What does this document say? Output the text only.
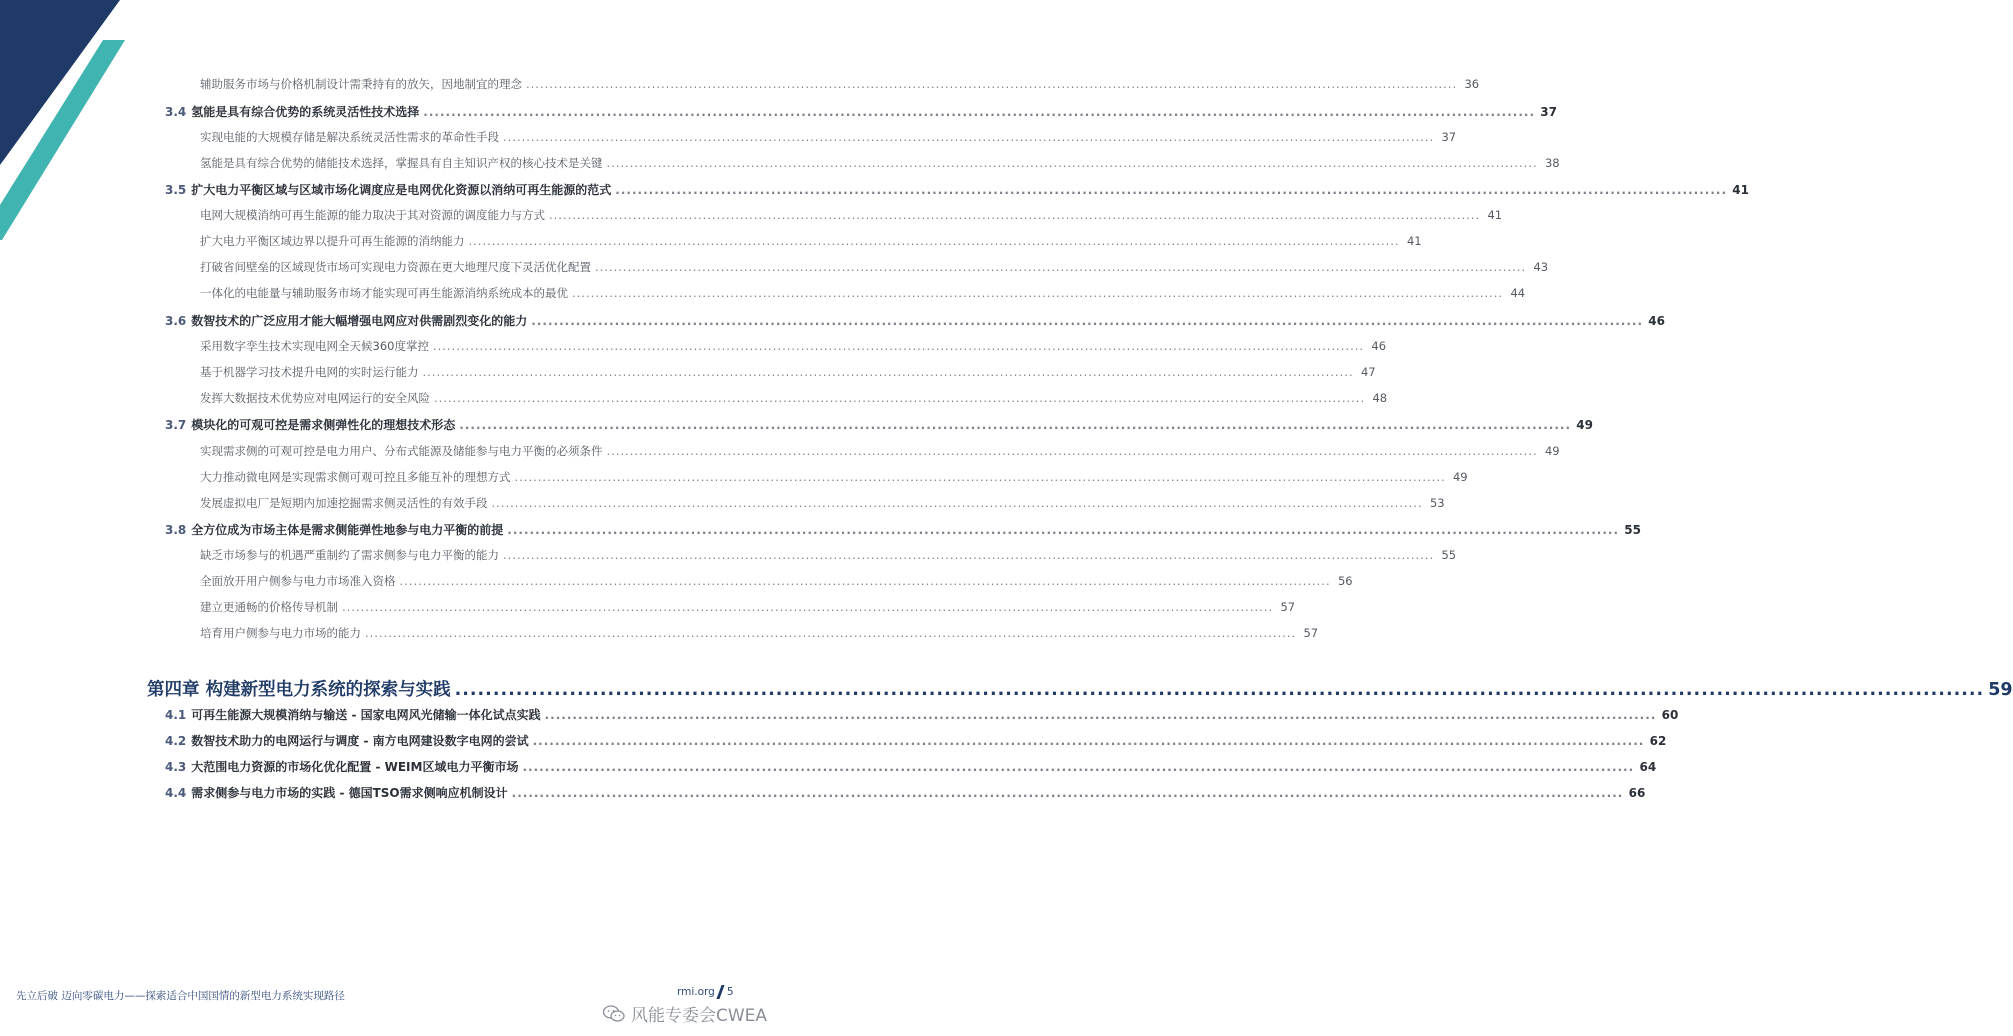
辅助服务市场与价格机制设计需秉持有的放矢，因地制宜的理念 ........................................................................................................................................................................................................ 36
3.4 氢能是具有综合优势的系统灵活性技术选择 ........................................................................................................................................................................................................ 37
实现电能的大规模存储是解决系统灵活性需求的革命性手段 ........................................................................................................................................................................................................ 37
氢能是具有综合优势的储能技术选择，掌握具有自主知识产权的核心技术是关键 ........................................................................................................................................................................................................ 38
3.5 扩大电力平衡区域与区域市场化调度应是电网优化资源以消纳可再生能源的范式 ........................................................................................................................................................................................................ 41
电网大规模消纳可再生能源的能力取决于其对资源的调度能力与方式 ........................................................................................................................................................................................................ 41
扩大电力平衡区域边界以提升可再生能源的消纳能力 ........................................................................................................................................................................................................ 41
打破省间壁垒的区域现货市场可实现电力资源在更大地理尺度下灵活优化配置 ........................................................................................................................................................................................................ 43
一体化的电能量与辅助服务市场才能实现可再生能源消纳系统成本的最优 ........................................................................................................................................................................................................ 44
3.6 数智技术的广泛应用才能大幅增强电网应对供需剧烈变化的能力 ........................................................................................................................................................................................................ 46
采用数字孪生技术实现电网全天候360度掌控 ........................................................................................................................................................................................................ 46
基于机器学习技术提升电网的实时运行能力 ........................................................................................................................................................................................................ 47
发挥大数据技术优势应对电网运行的安全风险 ........................................................................................................................................................................................................ 48
3.7 模块化的可观可控是需求侧弹性化的理想技术形态 ........................................................................................................................................................................................................ 49
实现需求侧的可观可控是电力用户、分布式能源及储能参与电力平衡的必须条件 ........................................................................................................................................................................................................ 49
大力推动微电网是实现需求侧可观可控且多能互补的理想方式 ........................................................................................................................................................................................................ 49
发展虚拟电厂是短期内加速挖掘需求侧灵活性的有效手段 ........................................................................................................................................................................................................ 53
3.8 全方位成为市场主体是需求侧能弹性地参与电力平衡的前提 ........................................................................................................................................................................................................ 55
缺乏市场参与的机遇严重制约了需求侧参与电力平衡的能力 ........................................................................................................................................................................................................ 55
全面放开用户侧参与电力市场准入资格 ........................................................................................................................................................................................................ 56
建立更通畅的价格传导机制 ........................................................................................................................................................................................................ 57
培育用户侧参与电力市场的能力 ........................................................................................................................................................................................................ 57
第四章 构建新型电力系统的探索与实践 ........................................................................................................................................................................................................ 59
4.1 可再生能源大规模消纳与输送 - 国家电网风光储输一体化试点实践 ........................................................................................................................................................................................................ 60
4.2 数智技术助力的电网运行与调度 - 南方电网建设数字电网的尝试 ........................................................................................................................................................................................................ 62
4.3 大范围电力资源的市场化优化配置 - WEIM区域电力平衡市场 ........................................................................................................................................................................................................ 64
4.4 需求侧参与电力市场的实践 - 德国TSO需求侧响应机制设计 ........................................................................................................................................................................................................ 66
先立后破 迈向零碳电力——探索适合中国国情的新型电力系统实现路径	rmi.org 5
风能专委会CWEA
